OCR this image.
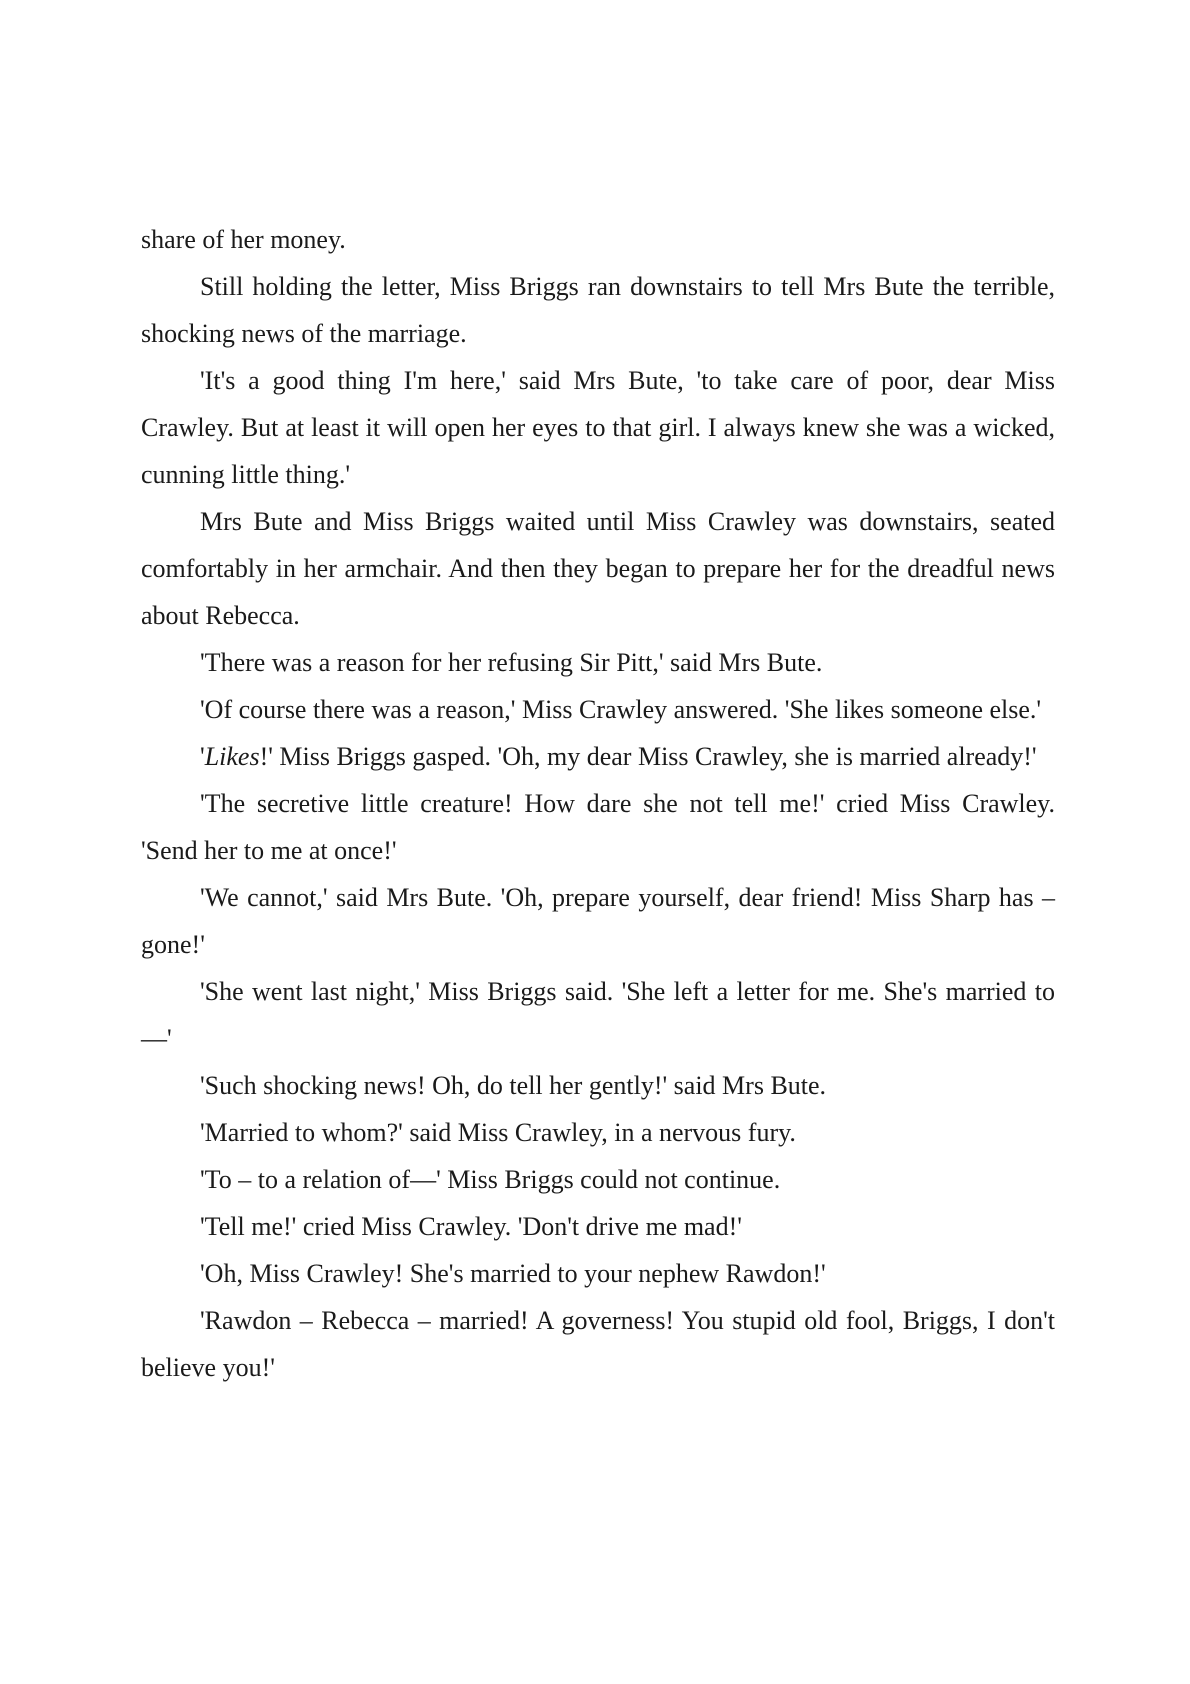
share of her money.

Still holding the letter, Miss Briggs ran downstairs to tell Mrs Bute the terrible, shocking news of the marriage.

'It's a good thing I'm here,' said Mrs Bute, 'to take care of poor, dear Miss Crawley. But at least it will open her eyes to that girl. I always knew she was a wicked, cunning little thing.'

Mrs Bute and Miss Briggs waited until Miss Crawley was downstairs, seated comfortably in her armchair. And then they began to prepare her for the dreadful news about Rebecca.

'There was a reason for her refusing Sir Pitt,' said Mrs Bute.

'Of course there was a reason,' Miss Crawley answered. 'She likes someone else.'

'Likes!' Miss Briggs gasped. 'Oh, my dear Miss Crawley, she is married already!'

'The secretive little creature! How dare she not tell me!' cried Miss Crawley. 'Send her to me at once!'

'We cannot,' said Mrs Bute. 'Oh, prepare yourself, dear friend! Miss Sharp has – gone!'

'She went last night,' Miss Briggs said. 'She left a letter for me. She's married to—'

'Such shocking news! Oh, do tell her gently!' said Mrs Bute.

'Married to whom?' said Miss Crawley, in a nervous fury.

'To – to a relation of—' Miss Briggs could not continue.

'Tell me!' cried Miss Crawley. 'Don't drive me mad!'

'Oh, Miss Crawley! She's married to your nephew Rawdon!'

'Rawdon – Rebecca – married! A governess! You stupid old fool, Briggs, I don't believe you!'
